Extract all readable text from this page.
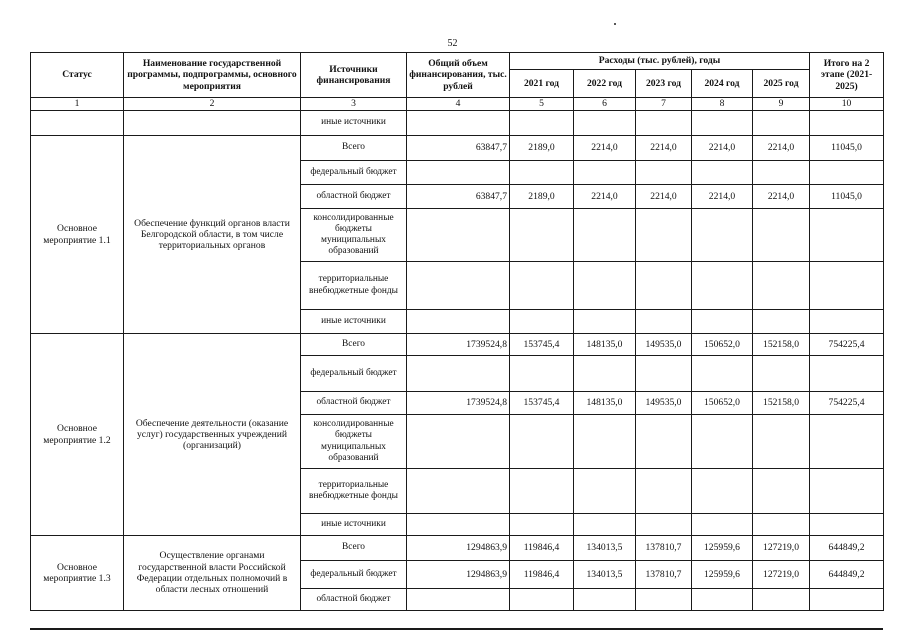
52
Статус	Наименование государственной программы, подпрограммы, основного мероприятия	Источники финансирования	Общий объем финансирования, тыс. рублей	Расходы (тыс. рублей), годы					Итого на 2 этапе (2021-2025)
				2021 год	2022 год	2023 год	2024 год	2025 год	
1	2	3	4	5	6	7	8	9	10
		иные источники							
Основное мероприятие 1.1	Обеспечение функций органов власти Белгородской области, в том числе территориальных органов	Всего	63847,7	2189,0	2214,0	2214,0	2214,0	2214,0	11045,0
		федеральный бюджет							
		областной бюджет	63847,7	2189,0	2214,0	2214,0	2214,0	2214,0	11045,0
		консолидированные бюджеты муниципальных образований							
		территориальные внебюджетные фонды							
		иные источники							
Основное мероприятие 1.2	Обеспечение деятельности (оказание услуг) государственных учреждений (организаций)	Всего	1739524,8	153745,4	148135,0	149535,0	150652,0	152158,0	754225,4
		федеральный бюджет							
		областной бюджет	1739524,8	153745,4	148135,0	149535,0	150652,0	152158,0	754225,4
		консолидированные бюджеты муниципальных образований							
		территориальные внебюджетные фонды							
		иные источники							
Основное мероприятие 1.3	Осуществление органами государственной власти Российской Федерации отдельных полномочий в области лесных отношений	Всего	1294863,9	119846,4	134013,5	137810,7	125959,6	127219,0	644849,2
		федеральный бюджет	1294863,9	119846,4	134013,5	137810,7	125959,6	127219,0	644849,2
		областной бюджет							
